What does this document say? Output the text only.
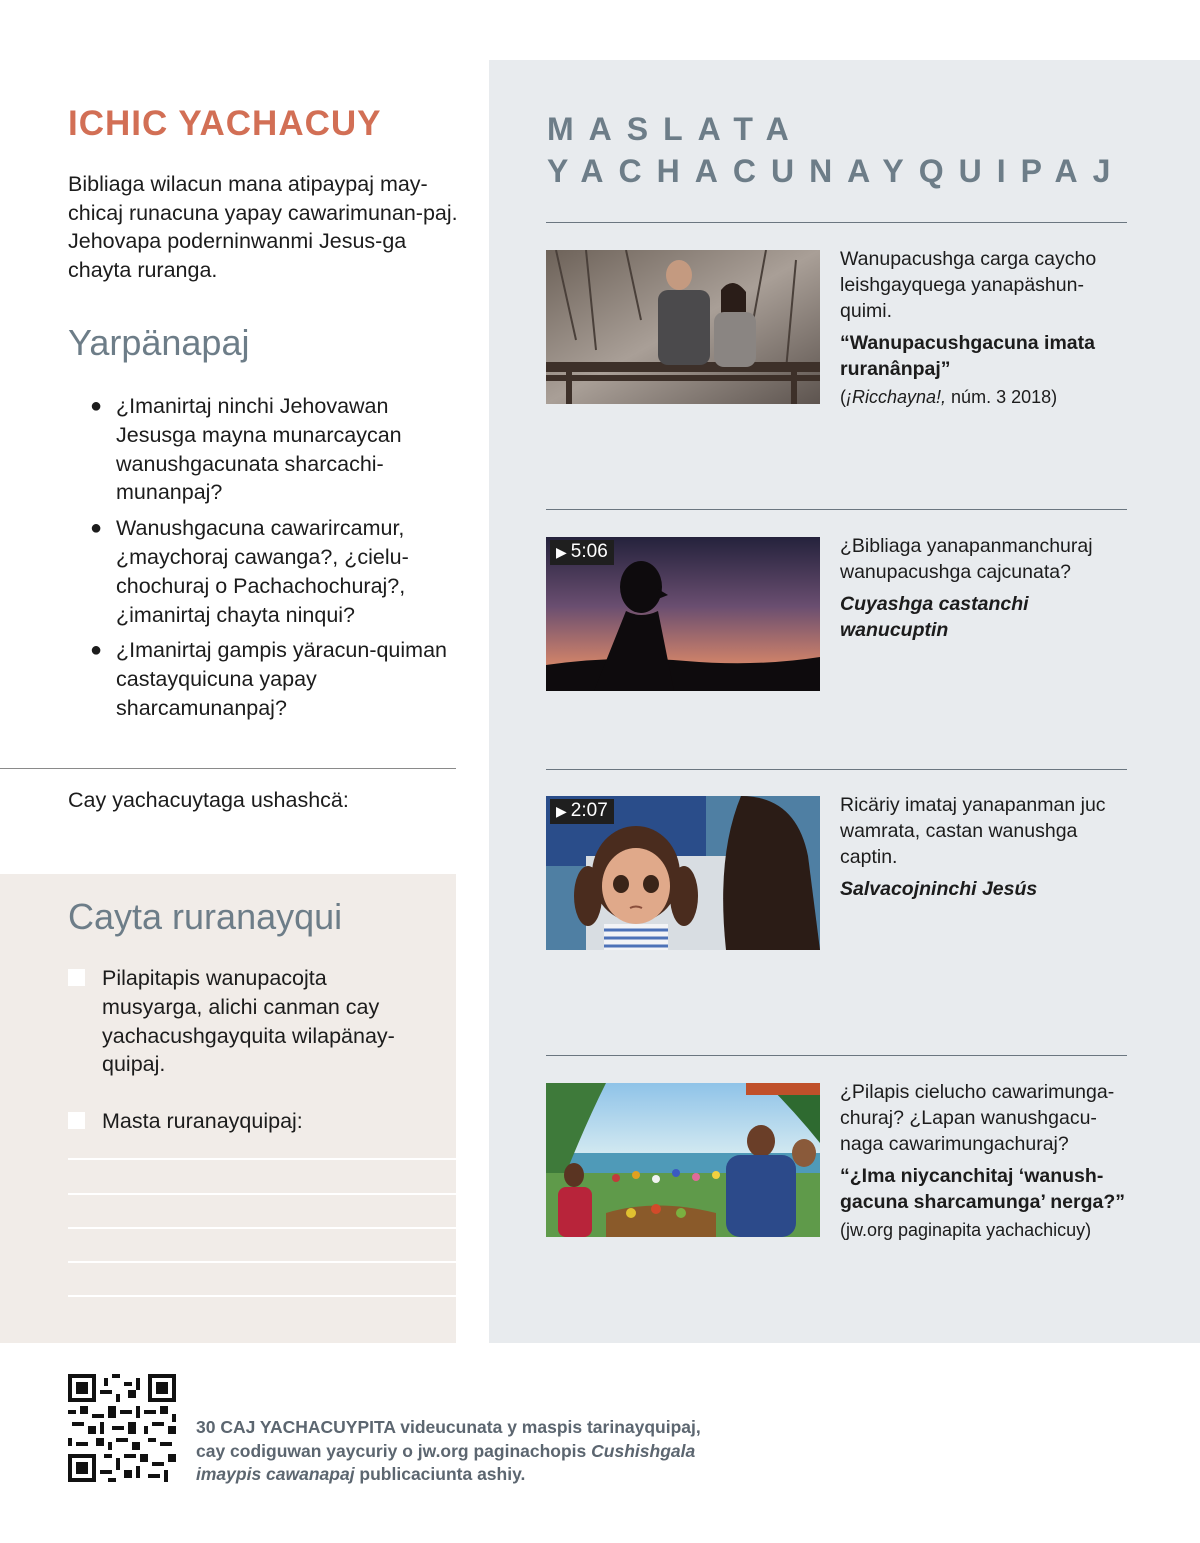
ICHIC YACHACUY

Bibliaga wilacun mana atipaypaj may-chicaj runacuna yapay cawarimunan-paj. Jehovapa poderninwanmi Jesus-ga chayta ruranga.

Yarpänapaj
● ¿Imanirtaj ninchi Jehovawan Jesusga mayna munarcaycan wanushgacunata sharcachi-munanpaj?
● Wanushgacuna cawarircamur, ¿maychoraj cawanga?, ¿cielu-chochuraj o Pachachochuraj?, ¿imanirtaj chayta ninqui?
● ¿Imanirtaj gampis yäracun-quiman castayquicuna yapay sharcamunanpaj?

Cay yachacuytaga ushashcä:

Cayta ruranayqui
Pilapitapis wanupacojta musyarga, alichi canman cay yachacushgayquita wilapänay-quipaj.
Masta ruranayquipaj:
MASLATA
YACHACUNAYQUIPAJ

Wanupacushga carga caycho leishgayquega yanapäshun-quimi.

“Wanupacushgacuna imata ruranânpaj”

(¡Ricchayna!, núm. 3 2018)

▶ 5:06	¿Bibliaga yanapanmanchuraj wanupacushga cajcunata?

Cuyashga castanchi wanucuptin

▶ 2:07	Ricäriy imataj yanapanman juc wamrata, castan wanushga captin.

Salvacojninchi Jesús

¿Pilapis cielucho cawarimunga-churaj? ¿Lapan wanushgacu-naga cawarimungachuraj?

“¿Ima niycanchitaj ‘wanush-gacuna sharcamunga’ nerga?”

(jw.org paginapita yachachicuy)

30 CAJ YACHACUYPITA videucunata y maspis tarinayquipaj, cay codiguwan yaycuriy o jw.org paginachopis Cushishgala imaypis cawanapaj publicaciunta ashiy.
